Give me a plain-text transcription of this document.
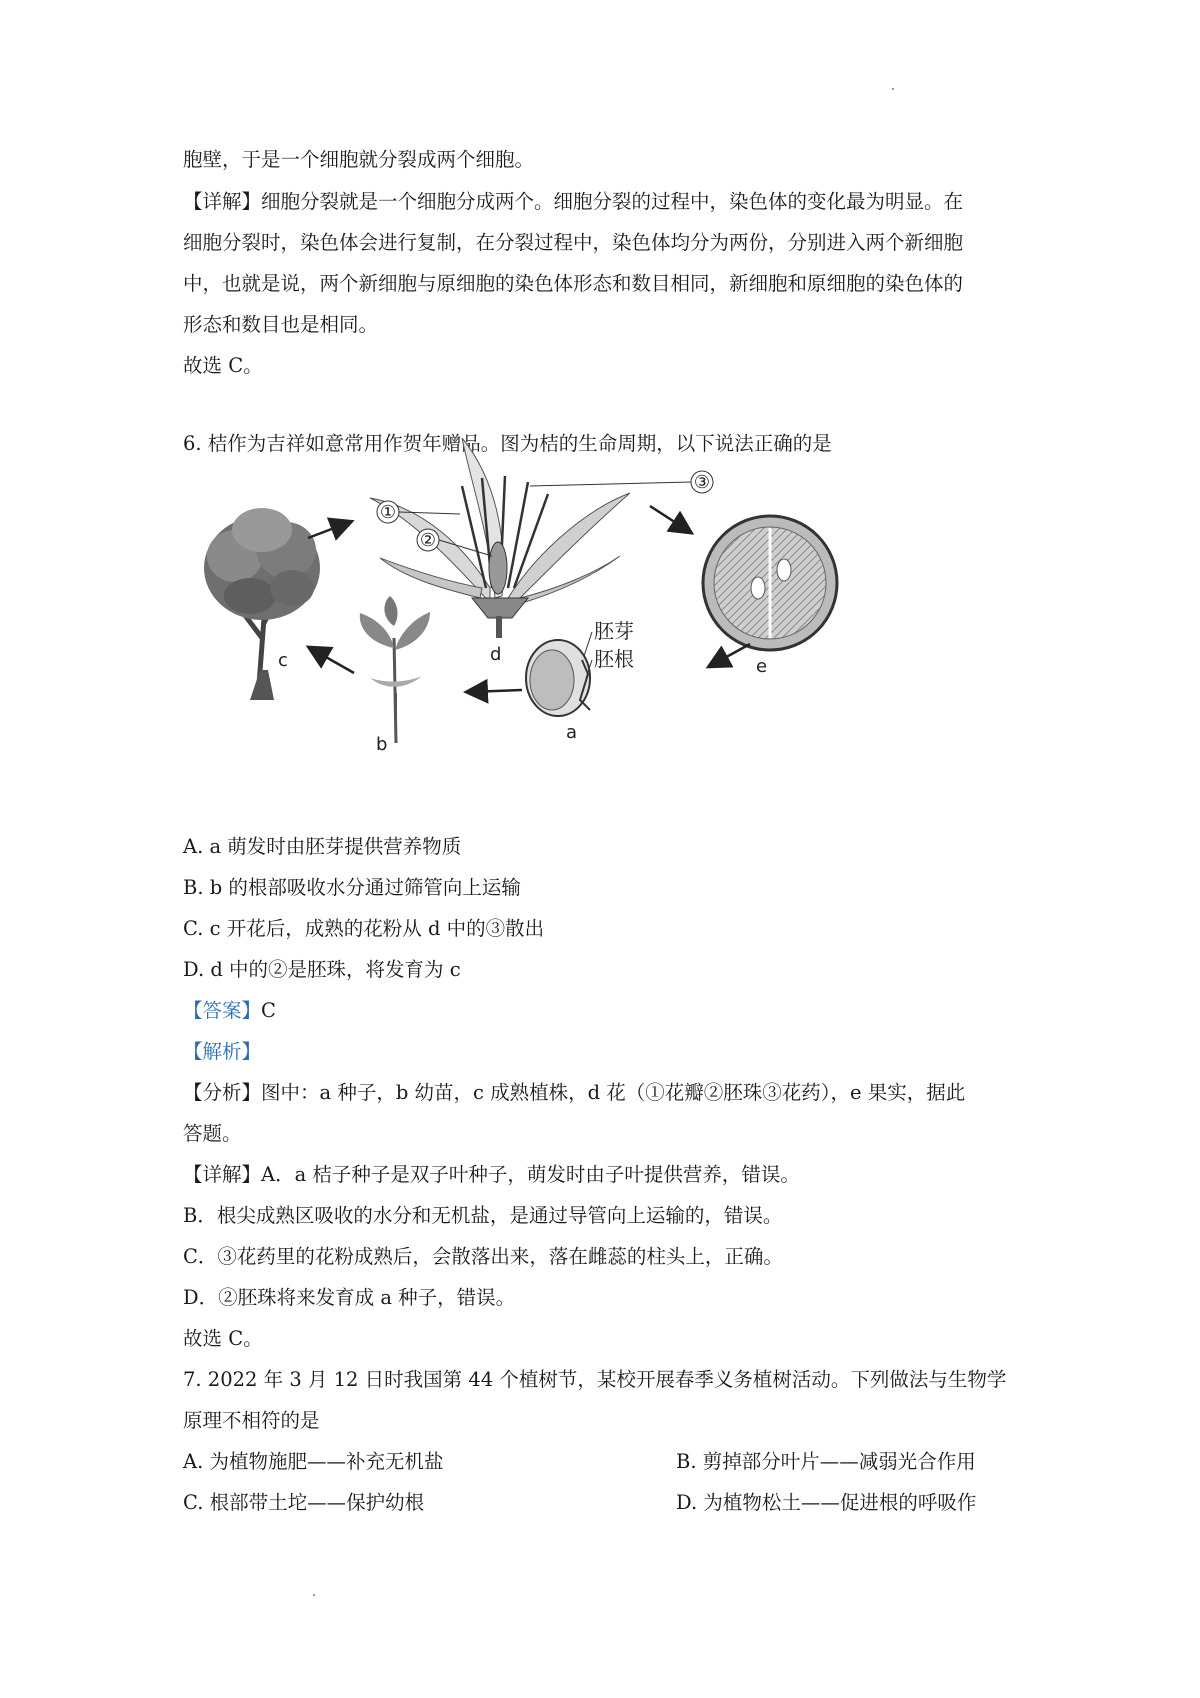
胞壁，于是一个细胞就分裂成两个细胞。
【详解】细胞分裂就是一个细胞分成两个。细胞分裂的过程中，染色体的变化最为明显。在
细胞分裂时，染色体会进行复制，在分裂过程中，染色体均分为两份，分别进入两个新细胞
中，也就是说，两个新细胞与原细胞的染色体形态和数目相同，新细胞和原细胞的染色体的
形态和数目也是相同。
故选 C。
6. 桔作为吉祥如意常用作贺年赠品。图为桔的生命周期，以下说法正确的是
c	d
①
②
③
e
b
a
胚芽
胚根
A. a 萌发时由胚芽提供营养物质
B. b 的根部吸收水分通过筛管向上运输
C. c 开花后，成熟的花粉从 d 中的③散出
D. d 中的②是胚珠，将发育为 c
【答案】C
【解析】
【分析】图中：a 种子，b 幼苗，c 成熟植株，d 花（①花瓣②胚珠③花药），e 果实，据此
答题。
【详解】A．a 桔子种子是双子叶种子，萌发时由子叶提供营养，错误。
B．根尖成熟区吸收的水分和无机盐，是通过导管向上运输的，错误。
C．③花药里的花粉成熟后，会散落出来，落在雌蕊的柱头上，正确。
D．②胚珠将来发育成 a 种子，错误。
故选 C。
7. 2022 年 3 月 12 日时我国第 44 个植树节，某校开展春季义务植树活动。下列做法与生物学
原理不相符的是
A. 为植物施肥——补充无机盐	B. 剪掉部分叶片——减弱光合作用
C. 根部带土坨——保护幼根	D. 为植物松土——促进根的呼吸作
